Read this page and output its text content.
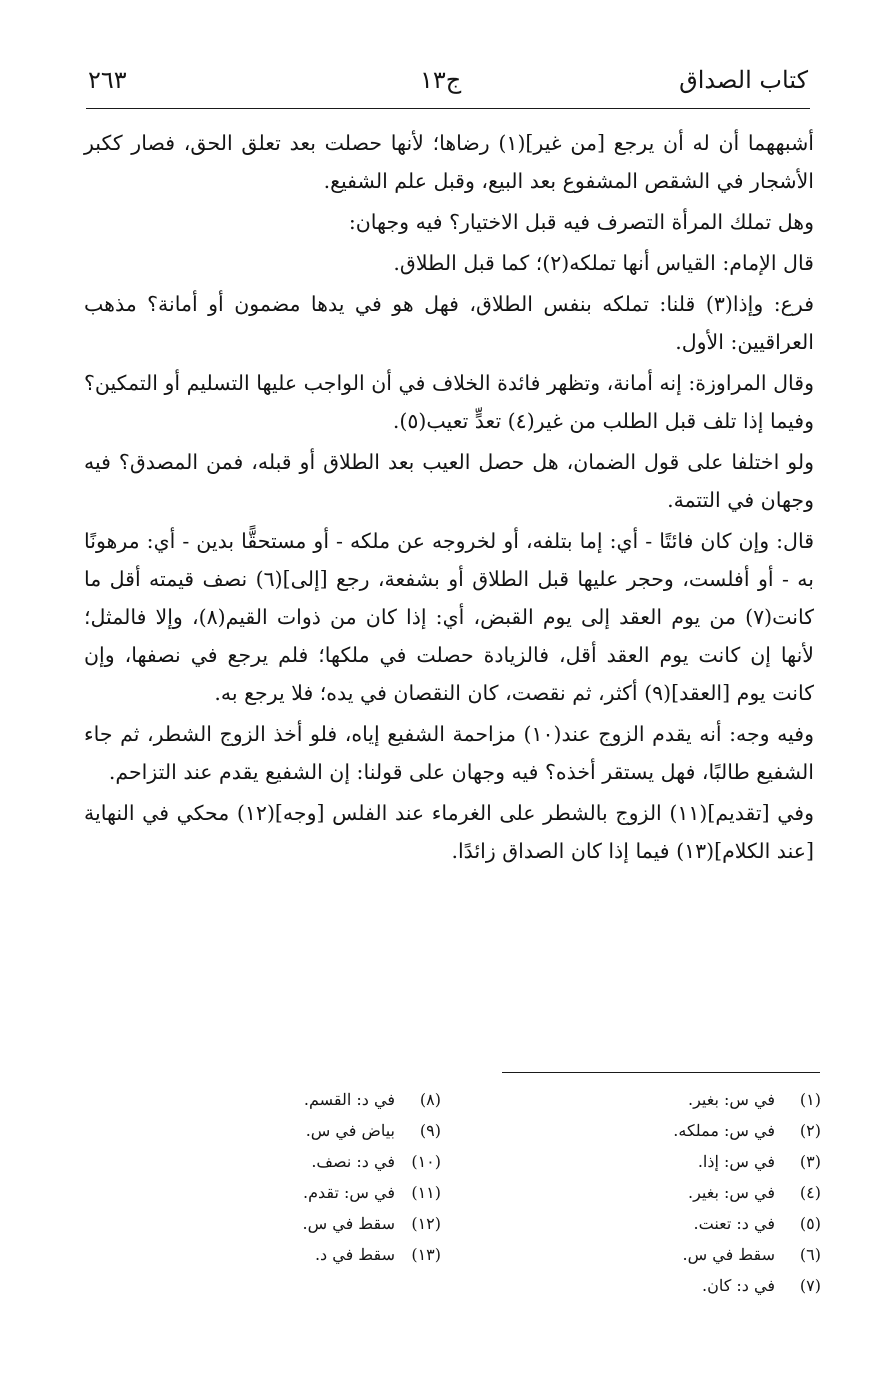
كتاب الصداق
ج١٣
٢٦٣

أشبههما أن له أن يرجع [من غير](١) رضاها؛ لأنها حصلت بعد تعلق الحق، فصار ككبر الأشجار في الشقص المشفوع بعد البيع، وقبل علم الشفيع.

وهل تملك المرأة التصرف فيه قبل الاختيار؟ فيه وجهان:

قال الإمام: القياس أنها تملكه(٢)؛ كما قبل الطلاق.

فرع: وإذا(٣) قلنا: تملكه بنفس الطلاق، فهل هو في يدها مضمون أو أمانة؟ مذهب العراقيين: الأول.

وقال المراوزة: إنه أمانة، وتظهر فائدة الخلاف في أن الواجب عليها التسليم أو التمكين؟ وفيما إذا تلف قبل الطلب من غير(٤) تعدٍّ تعيب(٥).

ولو اختلفا على قول الضمان، هل حصل العيب بعد الطلاق أو قبله، فمن المصدق؟ فيه وجهان في التتمة.

قال: وإن كان فائتًا - أي: إما بتلفه، أو لخروجه عن ملكه - أو مستحقًّا بدين - أي: مرهونًا به - أو أفلست، وحجر عليها قبل الطلاق أو بشفعة، رجع [إلى](٦) نصف قيمته أقل ما كانت(٧) من يوم العقد إلى يوم القبض، أي: إذا كان من ذوات القيم(٨)، وإلا فالمثل؛ لأنها إن كانت يوم العقد أقل، فالزيادة حصلت في ملكها؛ فلم يرجع في نصفها، وإن كانت يوم [العقد](٩) أكثر، ثم نقصت، كان النقصان في يده؛ فلا يرجع به.

وفيه وجه: أنه يقدم الزوج عند(١٠) مزاحمة الشفيع إياه، فلو أخذ الزوج الشطر، ثم جاء الشفيع طالبًا، فهل يستقر أخذه؟ فيه وجهان على قولنا: إن الشفيع يقدم عند التزاحم.

وفي [تقديم](١١) الزوج بالشطر على الغرماء عند الفلس [وجه](١٢) محكي في النهاية [عند الكلام](١٣) فيما إذا كان الصداق زائدًا.

(١)في س: بغير.
(٢)في س: مملكه.
(٣)في س: إذا.
(٤)في س: بغير.
(٥)في د: تعنت.
(٦)سقط في س.
(٧)في د: كان.
(٨)في د: القسم.
(٩)بياض في س.
(١٠)في د: نصف.
(١١)في س: تقدم.
(١٢)سقط في س.
(١٣)سقط في د.
